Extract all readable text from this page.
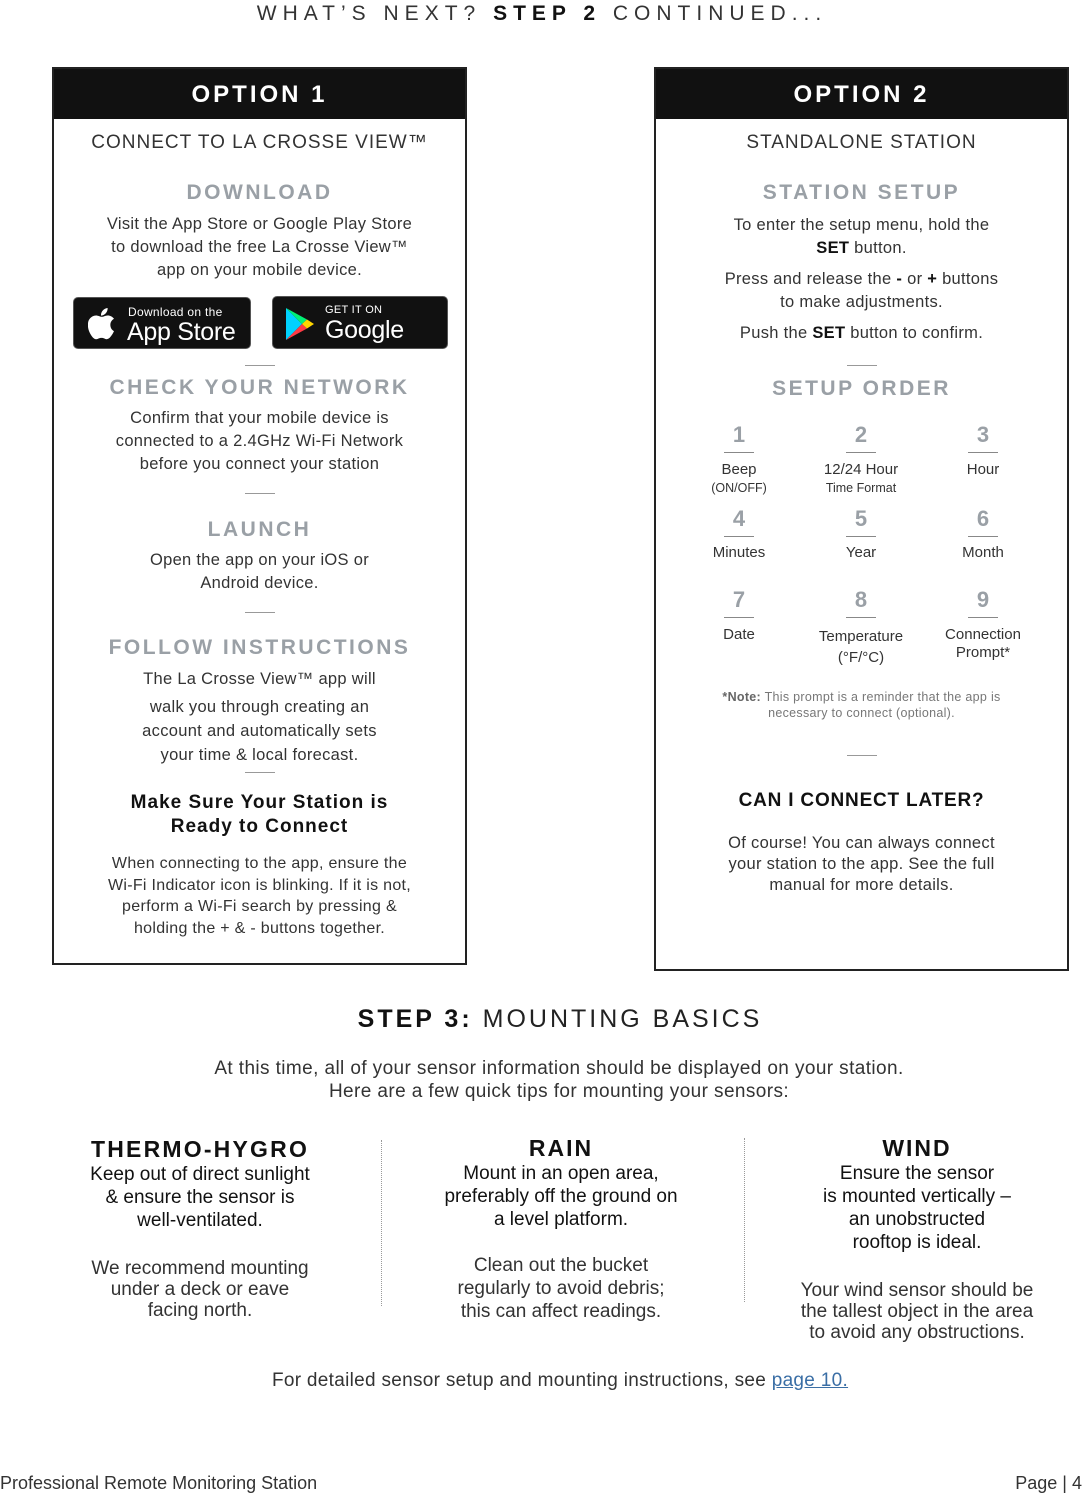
WHAT’S NEXT? STEP 2 CONTINUED...
OPTION 1
CONNECT TO LA CROSSE VIEW™
DOWNLOAD
Visit the App Store or Google Play Store
to download the free La Crosse View™
app on your mobile device.
Download on the
App Store
GET IT ON
Google Play
CHECK YOUR NETWORK
Confirm that your mobile device is
connected to a 2.4GHz Wi-Fi Network
before you connect your station
LAUNCH
Open the app on your iOS or
Android device.
FOLLOW INSTRUCTIONS
The La Crosse View™ app will
walk you through creating an
account and automatically sets
your time & local forecast.
Make Sure Your Station is
Ready to Connect
When connecting to the app, ensure the
Wi-Fi Indicator icon is blinking. If it is not,
perform a Wi-Fi search by pressing &
holding the + & - buttons together.
OPTION 2
STANDALONE STATION
STATION SETUP
To enter the setup menu, hold the
SET button.
Press and release the - or + buttons
to make adjustments.
Push the SET button to confirm.
SETUP ORDER
1
Beep
(ON/OFF)
2
12/24 Hour
Time Format
3
Hour
4
Minutes
5
Year
6
Month
7
Date
8
Temperature
(°F/°C)
9
Connection
Prompt*
*Note: This prompt is a reminder that the app is
necessary to connect (optional).
CAN I CONNECT LATER?
Of course! You can always connect
your station to the app. See the full
manual for more details.
STEP 3: MOUNTING BASICS
At this time, all of your sensor information should be displayed on your station.
Here are a few quick tips for mounting your sensors:
THERMO-HYGRO
Keep out of direct sunlight
& ensure the sensor is
well-ventilated.
We recommend mounting
under a deck or eave
facing north.
RAIN
Mount in an open area,
preferably off the ground on
a level platform.
Clean out the bucket
regularly to avoid debris;
this can affect readings.
WIND
Ensure the sensor
is mounted vertically –
an unobstructed
rooftop is ideal.
Your wind sensor should be
the tallest object in the area
to avoid any obstructions.
For detailed sensor setup and mounting instructions, see page 10.
Professional Remote Monitoring Station	Page | 4
